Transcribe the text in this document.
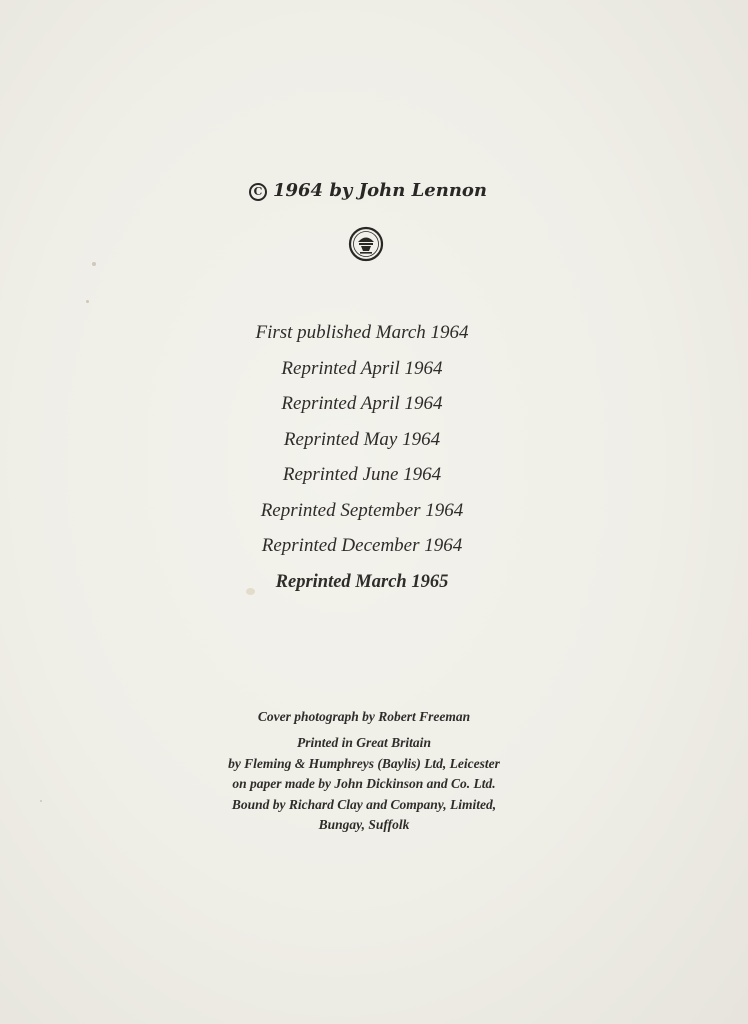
C 1964 by John Lennon
First published March 1964
Reprinted April 1964
Reprinted April 1964
Reprinted May 1964
Reprinted June 1964
Reprinted September 1964
Reprinted December 1964
Reprinted March 1965
Cover photograph by Robert Freeman
Printed in Great Britain
by Fleming & Humphreys (Baylis) Ltd, Leicester
on paper made by John Dickinson and Co. Ltd.
Bound by Richard Clay and Company, Limited,
Bungay, Suffolk
